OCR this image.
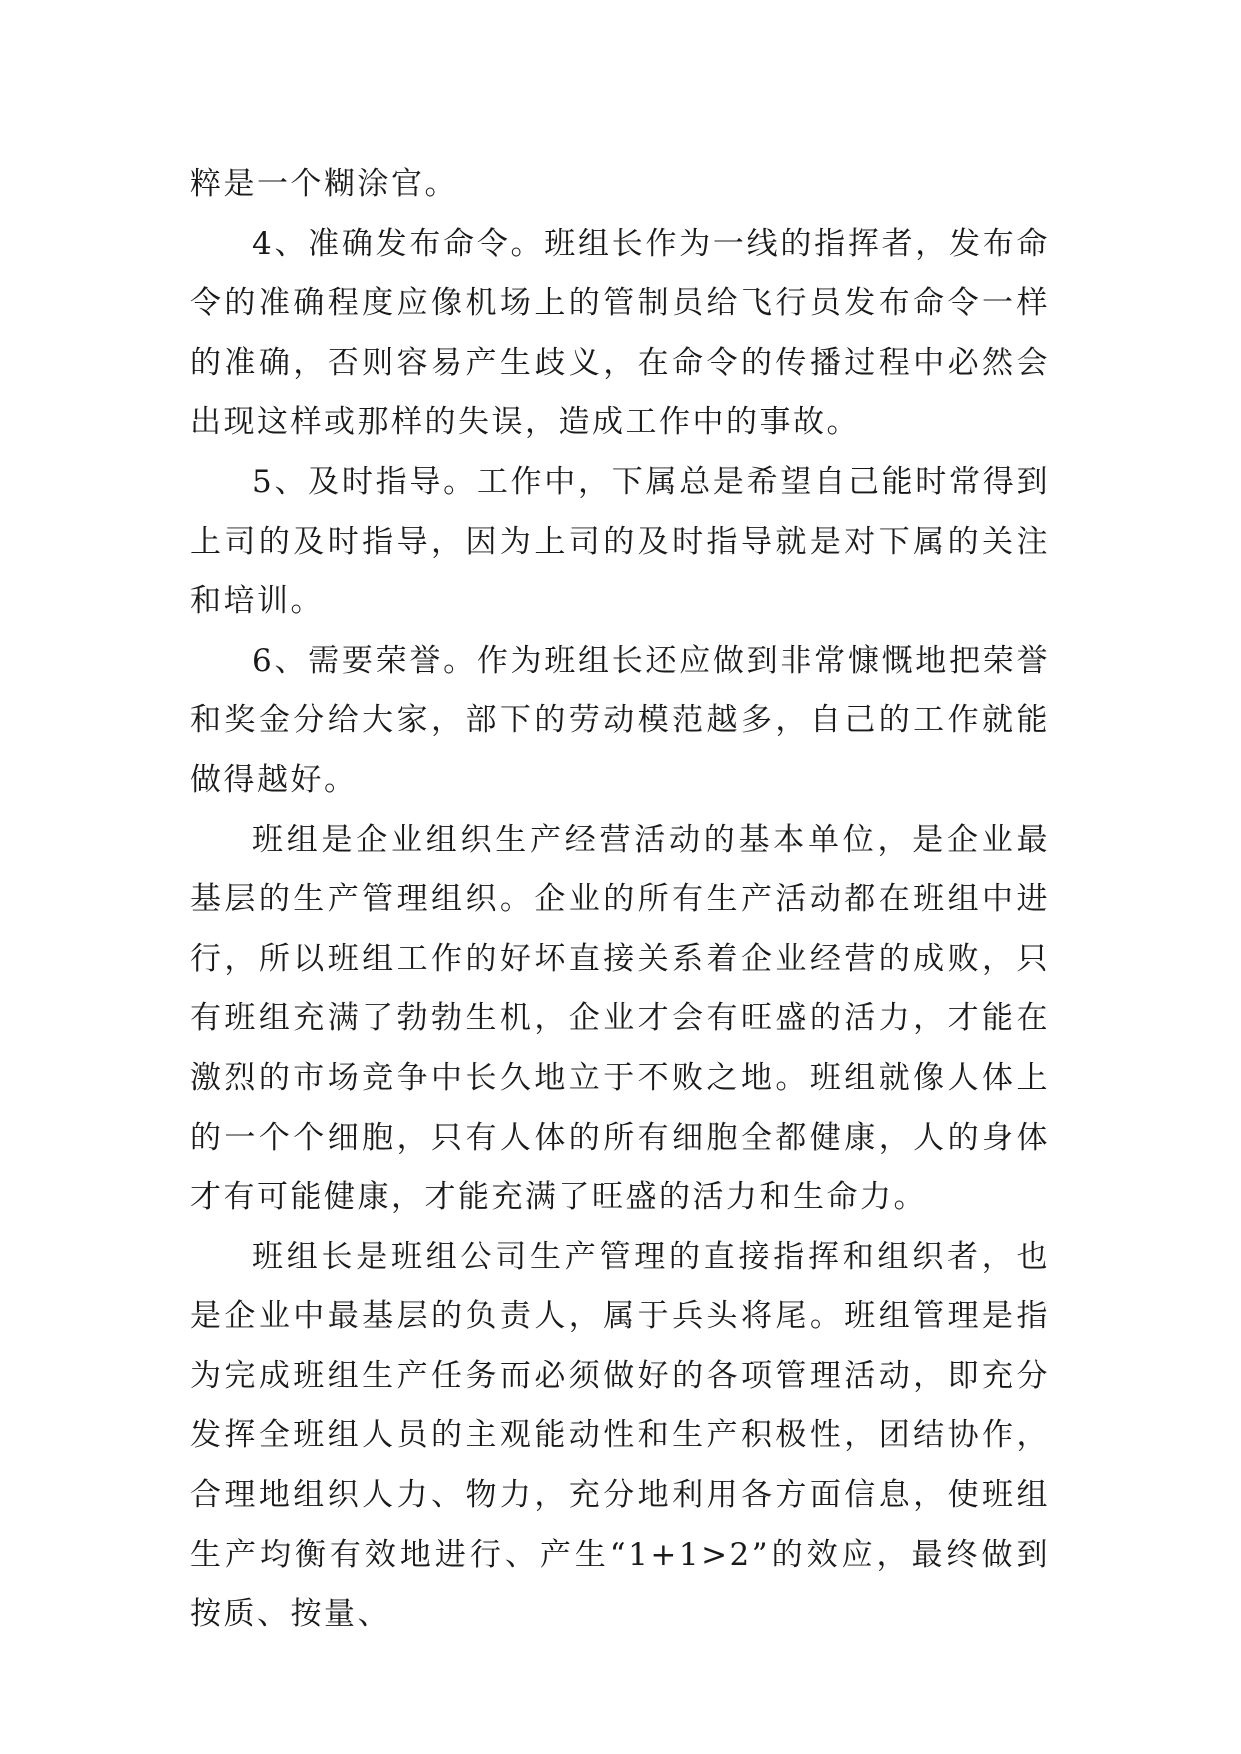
粹是一个糊涂官。

4、准确发布命令。班组长作为一线的指挥者，发布命令的准确程度应像机场上的管制员给飞行员发布命令一样的准确，否则容易产生歧义，在命令的传播过程中必然会出现这样或那样的失误，造成工作中的事故。

5、及时指导。工作中，下属总是希望自己能时常得到上司的及时指导，因为上司的及时指导就是对下属的关注和培训。

6、需要荣誉。作为班组长还应做到非常慷慨地把荣誉和奖金分给大家，部下的劳动模范越多，自己的工作就能做得越好。

班组是企业组织生产经营活动的基本单位，是企业最基层的生产管理组织。企业的所有生产活动都在班组中进行，所以班组工作的好坏直接关系着企业经营的成败，只有班组充满了勃勃生机，企业才会有旺盛的活力，才能在激烈的市场竞争中长久地立于不败之地。班组就像人体上的一个个细胞，只有人体的所有细胞全都健康，人的身体才有可能健康，才能充满了旺盛的活力和生命力。

班组长是班组公司生产管理的直接指挥和组织者，也是企业中最基层的负责人，属于兵头将尾。班组管理是指为完成班组生产任务而必须做好的各项管理活动，即充分发挥全班组人员的主观能动性和生产积极性，团结协作，合理地组织人力、物力，充分地利用各方面信息，使班组生产均衡有效地进行、产生“1+1>2”的效应，最终做到按质、按量、
